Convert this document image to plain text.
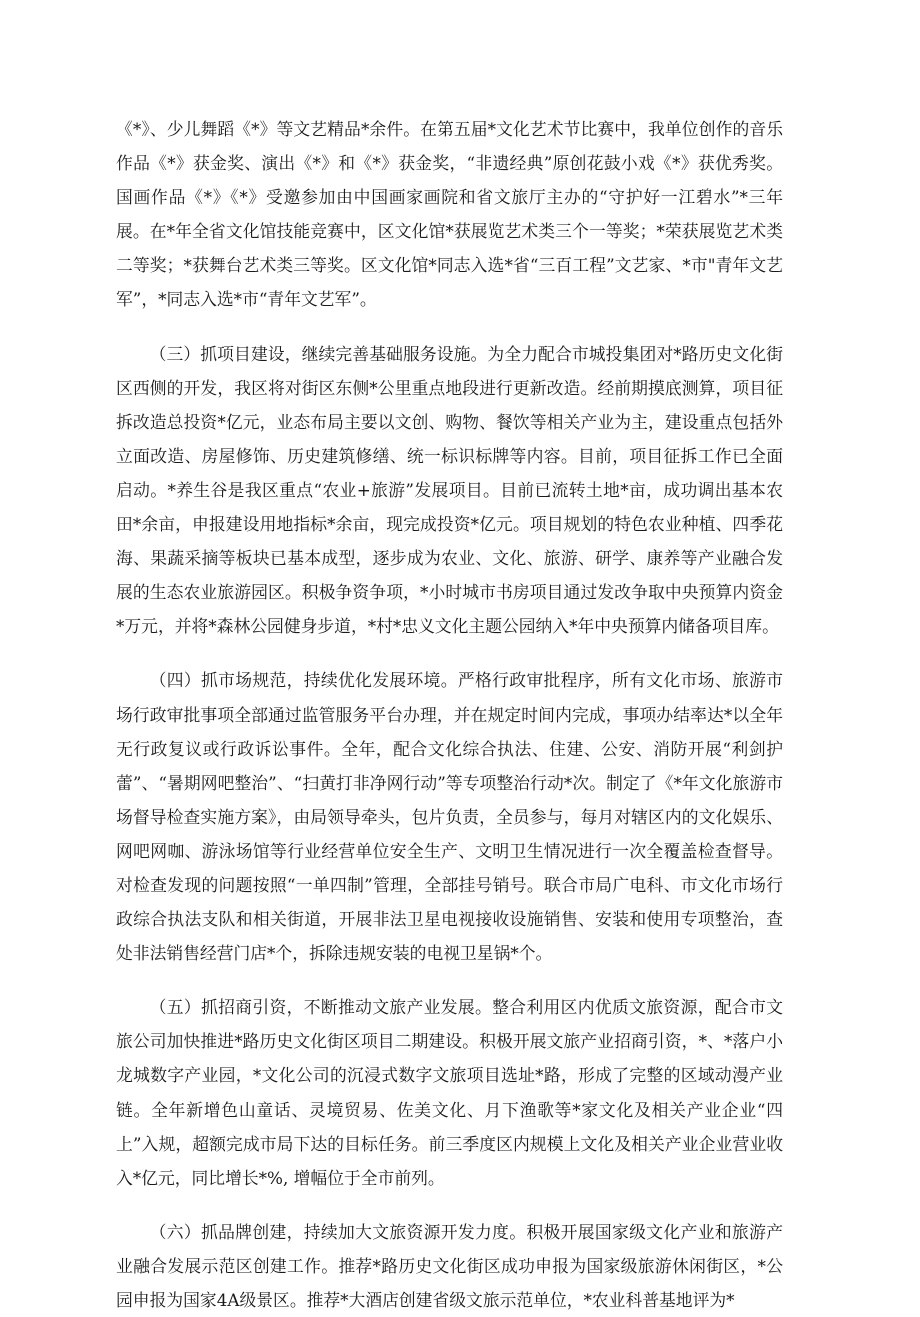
《*》、少儿舞蹈《*》等文艺精品*余件。在第五届*文化艺术节比赛中，我单位创作的音乐作品《*》获金奖、演出《*》和《*》获金奖，“非遗经典”原创花鼓小戏《*》获优秀奖。国画作品《*》《*》受邀参加由中国画家画院和省文旅厅主办的“守护好一江碧水”*三年展。在*年全省文化馆技能竞赛中，区文化馆*获展览艺术类三个一等奖；*荣获展览艺术类二等奖；*获舞台艺术类三等奖。区文化馆*同志入选*省“三百工程”文艺家、*市"青年文艺军”，*同志入选*市“青年文艺军”。

（三）抓项目建设，继续完善基础服务设施。为全力配合市城投集团对*路历史文化街区西侧的开发，我区将对街区东侧*公里重点地段进行更新改造。经前期摸底测算，项目征拆改造总投资*亿元，业态布局主要以文创、购物、餐饮等相关产业为主，建设重点包括外立面改造、房屋修饰、历史建筑修缮、统一标识标牌等内容。目前，项目征拆工作已全面启动。*养生谷是我区重点“农业+旅游”发展项目。目前已流转土地*亩，成功调出基本农田*余亩，申报建设用地指标*余亩，现完成投资*亿元。项目规划的特色农业种植、四季花海、果蔬采摘等板块已基本成型，逐步成为农业、文化、旅游、研学、康养等产业融合发展的生态农业旅游园区。积极争资争项，*小时城市书房项目通过发改争取中央预算内资金*万元，并将*森林公园健身步道，*村*忠义文化主题公园纳入*年中央预算内储备项目库。

（四）抓市场规范，持续优化发展环境。严格行政审批程序，所有文化市场、旅游市场行政审批事项全部通过监管服务平台办理，并在规定时间内完成，事项办结率达*以全年无行政复议或行政诉讼事件。全年，配合文化综合执法、住建、公安、消防开展“利剑护蕾”、“暑期网吧整治”、“扫黄打非净网行动”等专项整治行动*次。制定了《*年文化旅游市场督导检查实施方案》，由局领导牵头，包片负责，全员参与，每月对辖区内的文化娱乐、网吧网咖、游泳场馆等行业经营单位安全生产、文明卫生情况进行一次全覆盖检查督导。对检查发现的问题按照“一单四制”管理，全部挂号销号。联合市局广电科、市文化市场行政综合执法支队和相关街道，开展非法卫星电视接收设施销售、安装和使用专项整治，查处非法销售经营门店*个，拆除违规安装的电视卫星锅*个。

（五）抓招商引资，不断推动文旅产业发展。整合利用区内优质文旅资源，配合市文旅公司加快推进*路历史文化街区项目二期建设。积极开展文旅产业招商引资，*、*落户小龙城数字产业园，*文化公司的沉浸式数字文旅项目选址*路，形成了完整的区域动漫产业链。全年新增色山童话、灵境贸易、佐美文化、月下渔歌等*家文化及相关产业企业“四上”入规，超额完成市局下达的目标任务。前三季度区内规模上文化及相关产业企业营业收入*亿元，同比增长*%, 增幅位于全市前列。

（六）抓品牌创建，持续加大文旅资源开发力度。积极开展国家级文化产业和旅游产业融合发展示范区创建工作。推荐*路历史文化街区成功申报为国家级旅游休闲街区，*公园申报为国家4A级景区。推荐*大酒店创建省级文旅示范单位，*农业科普基地评为*
